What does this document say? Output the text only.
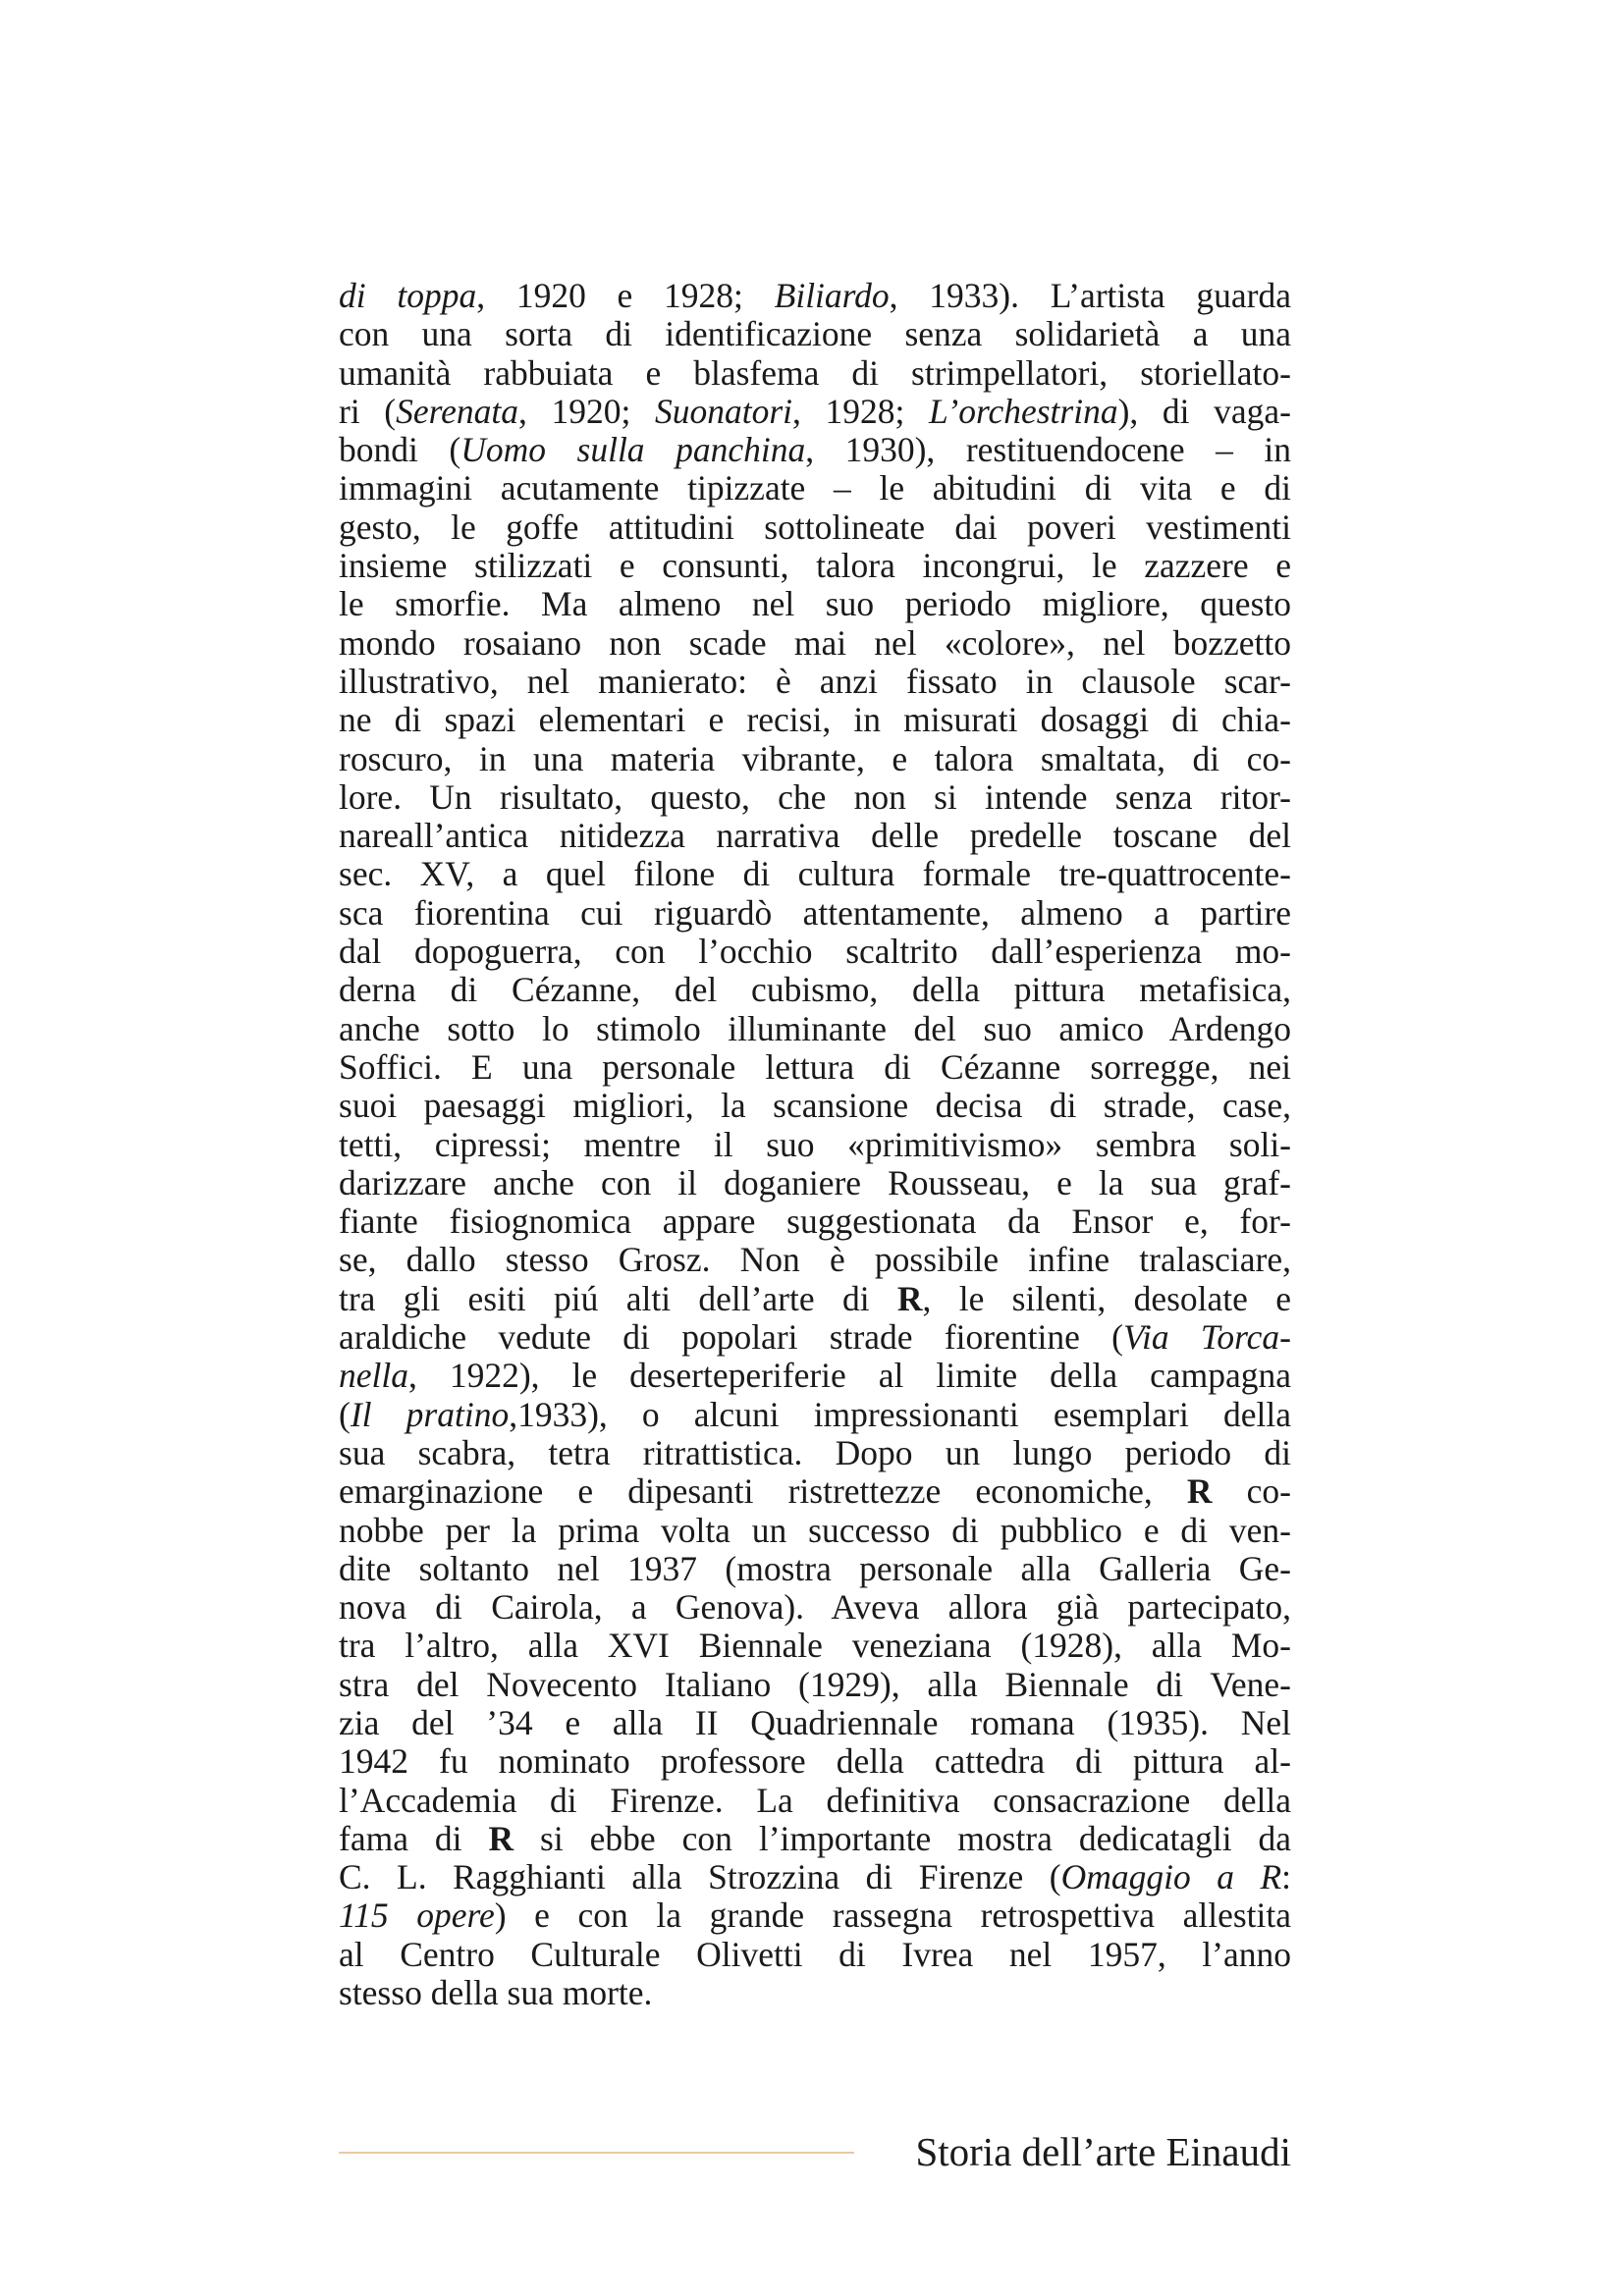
di toppa, 1920 e 1928; Biliardo, 1933). L’artista guarda
con una sorta di identificazione senza solidarietà a una
umanità rabbuiata e blasfema di strimpellatori, storiellato-
ri (Serenata, 1920; Suonatori, 1928; L’orchestrina), di vaga-
bondi (Uomo sulla panchina, 1930), restituendocene – in
immagini acutamente tipizzate – le abitudini di vita e di
gesto, le goffe attitudini sottolineate dai poveri vestimenti
insieme stilizzati e consunti, talora incongrui, le zazzere e
le smorfie. Ma almeno nel suo periodo migliore, questo
mondo rosaiano non scade mai nel «colore», nel bozzetto
illustrativo, nel manierato: è anzi fissato in clausole scar-
ne di spazi elementari e recisi, in misurati dosaggi di chia-
roscuro, in una materia vibrante, e talora smaltata, di co-
lore. Un risultato, questo, che non si intende senza ritor-
nareall’antica nitidezza narrativa delle predelle toscane del
sec. XV, a quel filone di cultura formale tre-quattrocente-
sca fiorentina cui riguardò attentamente, almeno a partire
dal dopoguerra, con l’occhio scaltrito dall’esperienza mo-
derna di Cézanne, del cubismo, della pittura metafisica,
anche sotto lo stimolo illuminante del suo amico Ardengo
Soffici. E una personale lettura di Cézanne sorregge, nei
suoi paesaggi migliori, la scansione decisa di strade, case,
tetti, cipressi; mentre il suo «primitivismo» sembra soli-
darizzare anche con il doganiere Rousseau, e la sua graf-
fiante fisiognomica appare suggestionata da Ensor e, for-
se, dallo stesso Grosz. Non è possibile infine tralasciare,
tra gli esiti piú alti dell’arte di R, le silenti, desolate e
araldiche vedute di popolari strade fiorentine (Via Torca-
nella, 1922), le deserteperiferie al limite della campagna
(Il pratino,1933), o alcuni impressionanti esemplari della
sua scabra, tetra ritrattistica. Dopo un lungo periodo di
emarginazione e dipesanti ristrettezze economiche, R co-
nobbe per la prima volta un successo di pubblico e di ven-
dite soltanto nel 1937 (mostra personale alla Galleria Ge-
nova di Cairola, a Genova). Aveva allora già partecipato,
tra l’altro, alla XVI Biennale veneziana (1928), alla Mo-
stra del Novecento Italiano (1929), alla Biennale di Vene-
zia del ’34 e alla II Quadriennale romana (1935). Nel
1942 fu nominato professore della cattedra di pittura al-
l’Accademia di Firenze. La definitiva consacrazione della
fama di R si ebbe con l’importante mostra dedicatagli da
C. L. Ragghianti alla Strozzina di Firenze (Omaggio a R:
115 opere) e con la grande rassegna retrospettiva allestita
al Centro Culturale Olivetti di Ivrea nel 1957, l’anno
stesso della sua morte.
Storia dell’arte Einaudi
